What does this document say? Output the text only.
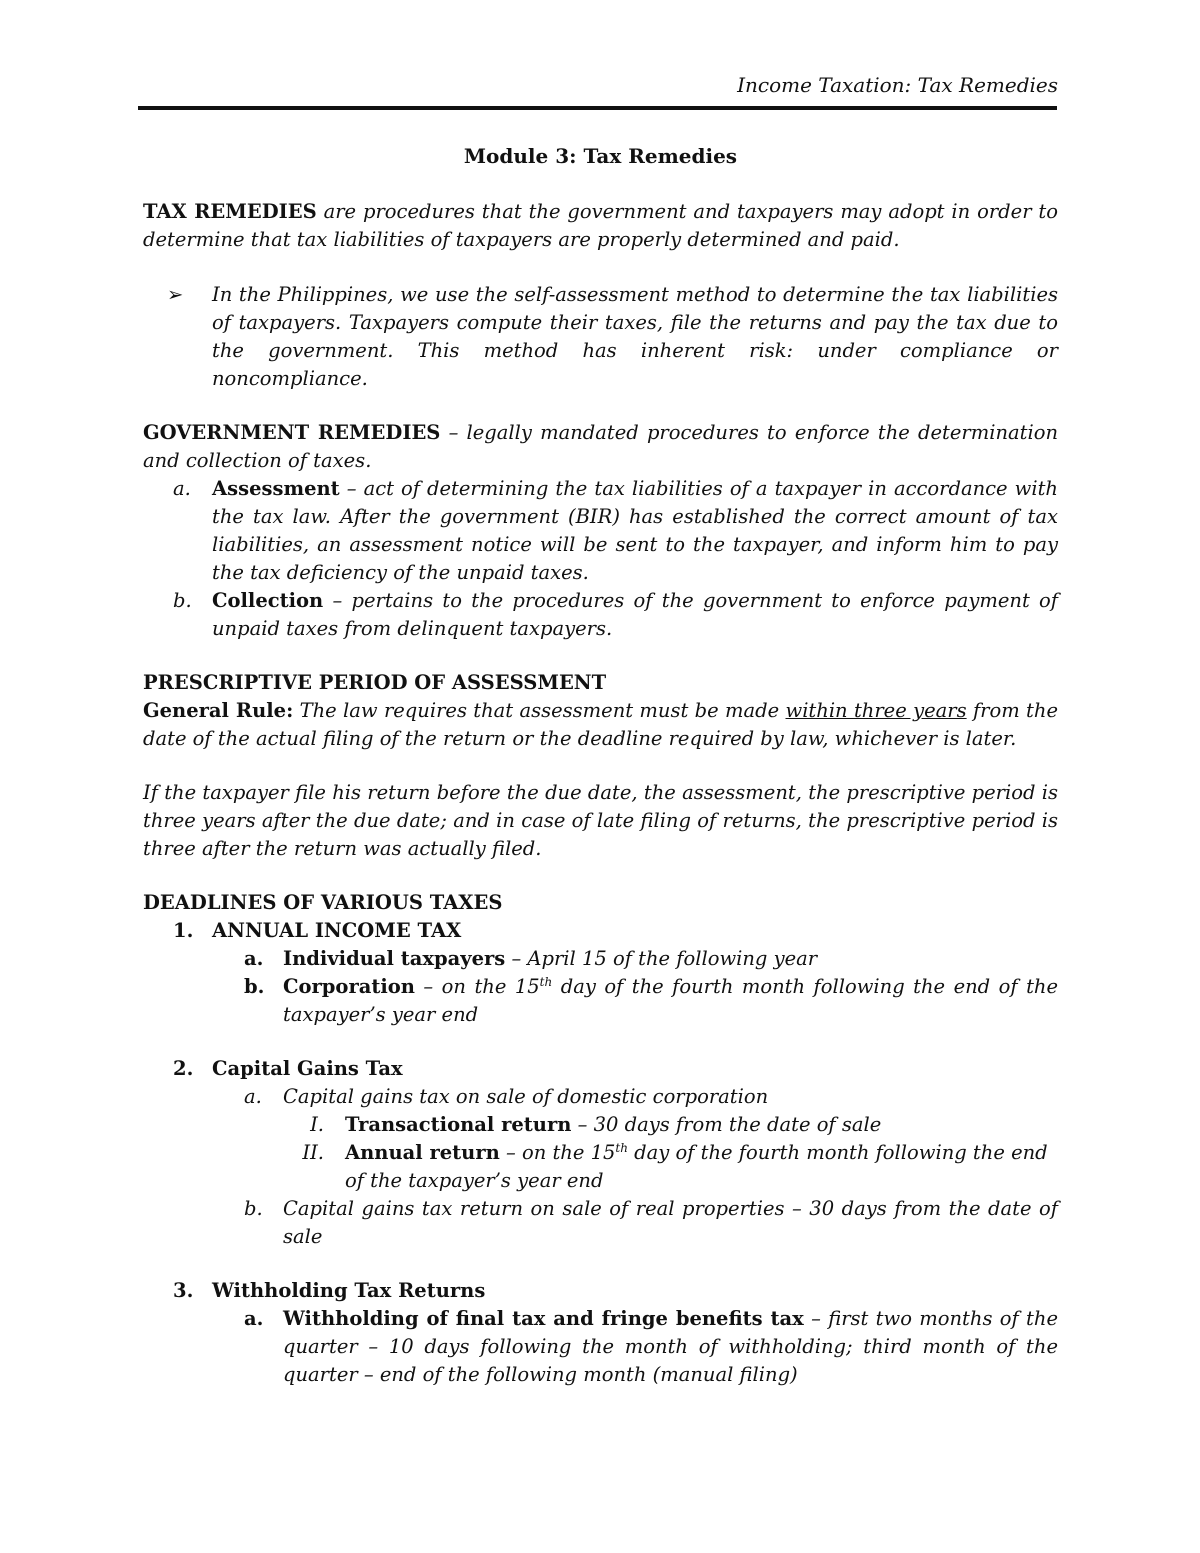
Income Taxation: Tax Remedies
Module 3: Tax Remedies

TAX REMEDIES are procedures that the government and taxpayers may adopt in order to determine that tax liabilities of taxpayers are properly determined and paid.

➢ In the Philippines, we use the self-assessment method to determine the tax liabilities of taxpayers. Taxpayers compute their taxes, file the returns and pay the tax due to the government. This method has inherent risk: under compliance or noncompliance.

GOVERNMENT REMEDIES – legally mandated procedures to enforce the determination and collection of taxes.

a. Assessment – act of determining the tax liabilities of a taxpayer in accordance with the tax law. After the government (BIR) has established the correct amount of tax liabilities, an assessment notice will be sent to the taxpayer, and inform him to pay the tax deficiency of the unpaid taxes.

b. Collection – pertains to the procedures of the government to enforce payment of unpaid taxes from delinquent taxpayers.

PRESCRIPTIVE PERIOD OF ASSESSMENT

General Rule: The law requires that assessment must be made within three years from the date of the actual filing of the return or the deadline required by law, whichever is later.

If the taxpayer file his return before the due date, the assessment, the prescriptive period is three years after the due date; and in case of late filing of returns, the prescriptive period is three after the return was actually filed.

DEADLINES OF VARIOUS TAXES

1. ANNUAL INCOME TAX

a. Individual taxpayers – April 15 of the following year

b. Corporation – on the 15th day of the fourth month following the end of the taxpayer’s year end

2. Capital Gains Tax

a. Capital gains tax on sale of domestic corporation

I. Transactional return – 30 days from the date of sale

II. Annual return – on the 15th day of the fourth month following the end of the taxpayer’s year end

b. Capital gains tax return on sale of real properties – 30 days from the date of sale

3. Withholding Tax Returns

a. Withholding of final tax and fringe benefits tax – first two months of the quarter – 10 days following the month of withholding; third month of the quarter – end of the following month (manual filing)
